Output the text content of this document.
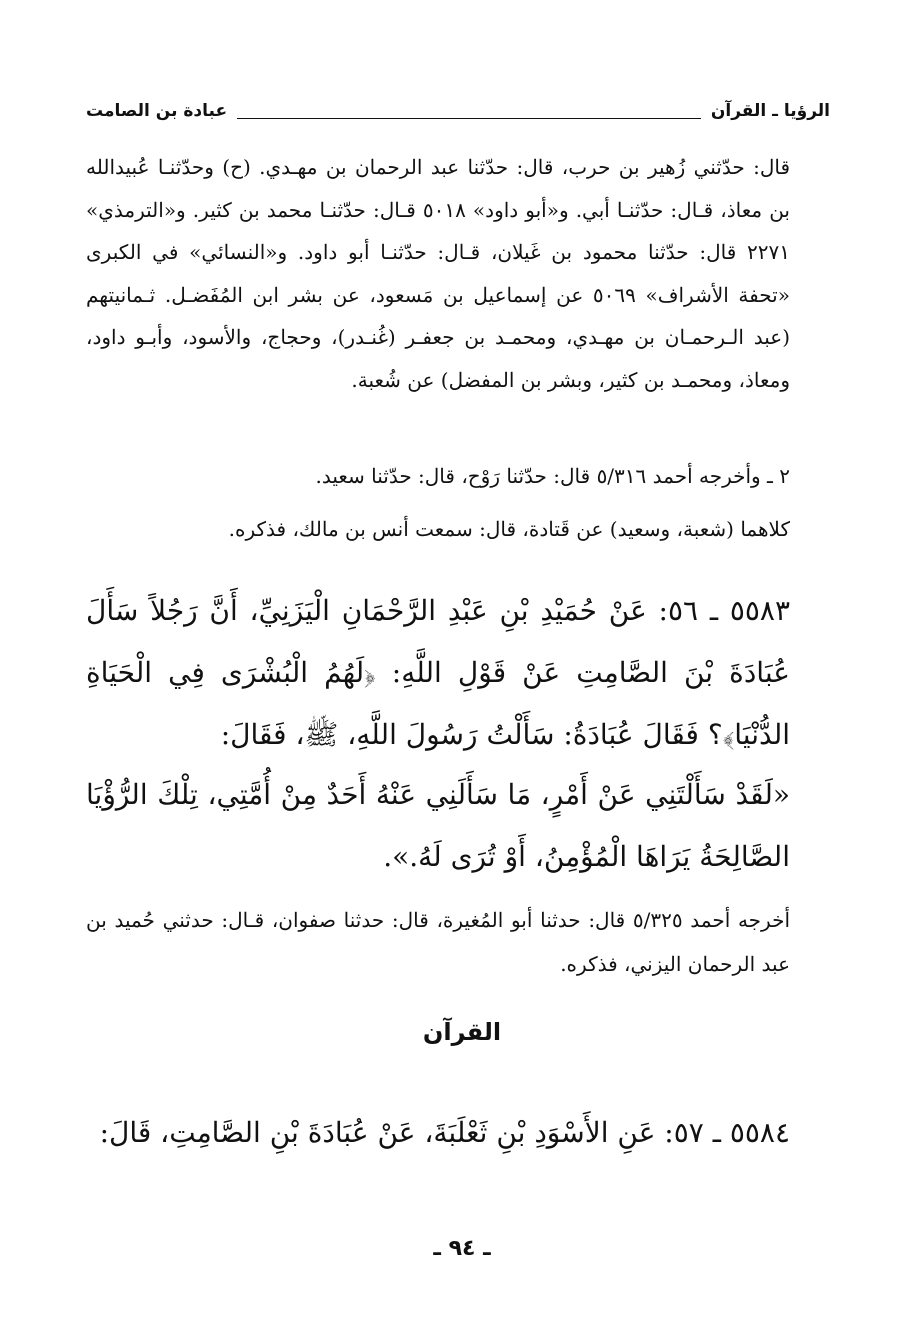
الرؤيا ـ القرآن
عبادة بن الصامت
قال: حدّثني زُهير بن حرب، قال: حدّثنا عبد الرحمان بن مهـدي. (ح) وحدّثنـا عُبيدالله بن معاذ، قـال: حدّثنـا أبي. و«أبو داود» ٥٠١٨ قـال: حدّثنـا محمد بن كثير. و«الترمذي» ٢٢٧١ قال: حدّثنا محمود بن غَيلان، قـال: حدّثنـا أبو داود. و«النسائي» في الكبرى «تحفة الأشراف» ٥٠٦٩ عن إسماعيل بن مَسعود، عن بشر ابن المُفَضـل. ثـمانيتهم (عبد الـرحمـان بن مهـدي، ومحمـد بن جعفـر (غُنـدر)، وحجاج، والأسود، وأبـو داود، ومعاذ، ومحمـد بن كثير، وبشر بن المفضل) عن شُعبة.
٢ ـ وأخرجه أحمد ٥/٣١٦ قال: حدّثنا رَوْح، قال: حدّثنا سعيد.
كلاهما (شعبة، وسعيد) عن قَتادة، قال: سمعت أنس بن مالك، فذكره.
٥٥٨٣ ـ ٥٦: عَنْ حُمَيْدِ بْنِ عَبْدِ الرَّحْمَانِ الْيَزَنِيِّ، أَنَّ رَجُلاً سَأَلَ عُبَادَةَ بْنَ الصَّامِتِ عَنْ قَوْلِ اللَّهِ: ﴿لَهُمُ الْبُشْرَى فِي الْحَيَاةِ الدُّنْيَا﴾؟ فَقَالَ عُبَادَةُ: سَأَلْتُ رَسُولَ اللَّهِ، ﷺ، فَقَالَ:
«لَقَدْ سَأَلْتَنِي عَنْ أَمْرٍ، مَا سَأَلَنِي عَنْهُ أَحَدٌ مِنْ أُمَّتِي، تِلْكَ الرُّؤْيَا الصَّالِحَةُ يَرَاهَا الْمُؤْمِنُ، أَوْ تُرَى لَهُ.».
أخرجه أحمد ٥/٣٢٥ قال: حدثنا أبو المُغيرة، قال: حدثنا صفوان، قـال: حدثني حُميد بن عبد الرحمان اليزني، فذكره.
القرآن
٥٥٨٤ ـ ٥٧: عَنِ الأَسْوَدِ بْنِ ثَعْلَبَةَ، عَنْ عُبَادَةَ بْنِ الصَّامِتِ، قَالَ:
ـ ٩٤ ـ
